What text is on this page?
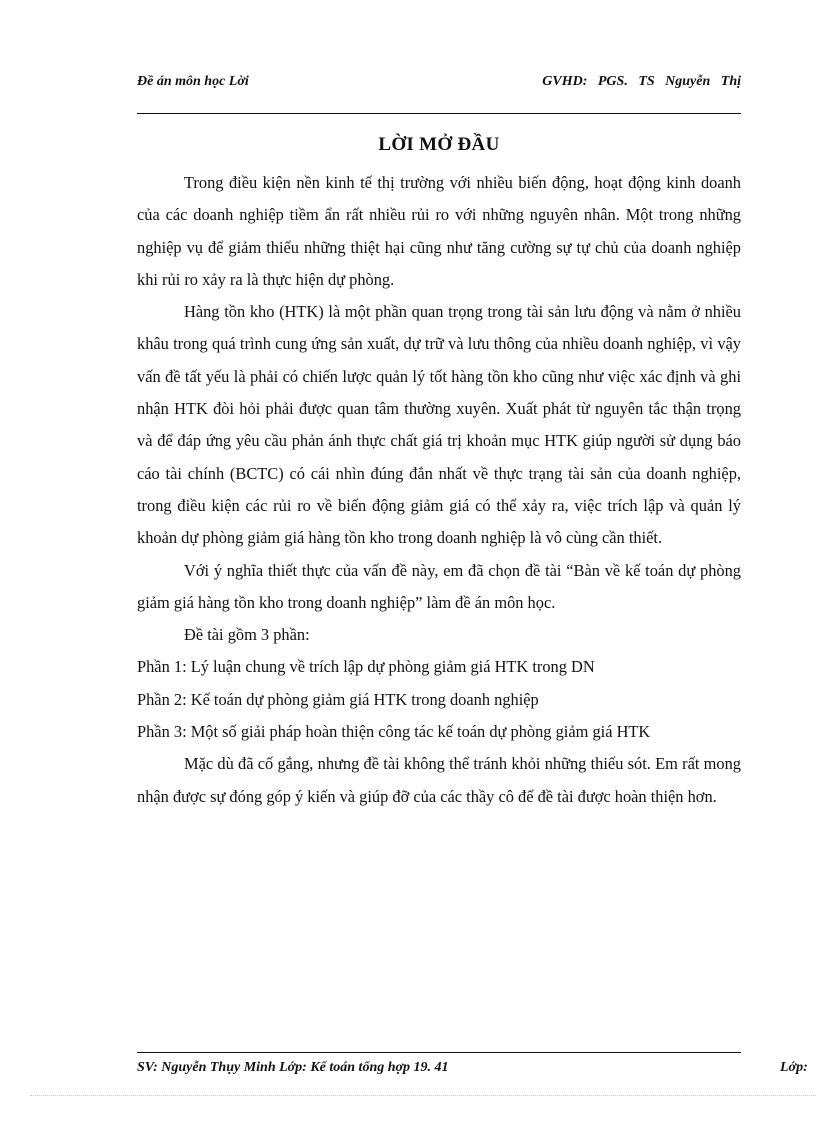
Đề án môn học Lời	GVHD: PGS. TS Nguyễn Thị
LỜI MỞ ĐẦU

Trong điều kiện nền kinh tế thị trường với nhiều biến động, hoạt động kinh doanh của các doanh nghiệp tiềm ẩn rất nhiều rủi ro với những nguyên nhân. Một trong những nghiệp vụ để giảm thiểu những thiệt hại cũng như tăng cường sự tự chủ của doanh nghiệp khi rủi ro xảy ra là thực hiện dự phòng.

Hàng tồn kho (HTK) là một phần quan trọng trong tài sản lưu động và nằm ở nhiều khâu trong quá trình cung ứng sản xuất, dự trữ và lưu thông của nhiều doanh nghiệp, vì vậy vấn đề tất yếu là phải có chiến lược quản lý tốt hàng tồn kho cũng như việc xác định và ghi nhận HTK đòi hỏi phải được quan tâm thường xuyên. Xuất phát từ nguyên tắc thận trọng và để đáp ứng yêu cầu phản ánh thực chất giá trị khoản mục HTK giúp người sử dụng báo cáo tài chính (BCTC) có cái nhìn đúng đắn nhất về thực trạng tài sản của doanh nghiệp, trong điều kiện các rủi ro về biến động giảm giá có thể xảy ra, việc trích lập và quản lý khoản dự phòng giảm giá hàng tồn kho trong doanh nghiệp là vô cùng cần thiết.

Với ý nghĩa thiết thực của vấn đề này, em đã chọn đề tài “Bàn về kế toán dự phòng giảm giá hàng tồn kho trong doanh nghiệp” làm đề án môn học.

Đề tài gồm 3 phần:

Phần 1: Lý luận chung về trích lập dự phòng giảm giá HTK trong DN

Phần 2: Kế toán dự phòng giảm giá HTK trong doanh nghiệp

Phần 3: Một số giải pháp hoàn thiện công tác kế toán dự phòng giảm giá HTK

Mặc dù đã cố gắng, nhưng đề tài không thể tránh khỏi những thiếu sót. Em rất mong nhận được sự đóng góp ý kiến và giúp đỡ của các thầy cô để đề tài được hoàn thiện hơn.

SV: Nguyễn Thụy Minh Lớp: Kế toán tổng hợp 19. 41	Lớp:
